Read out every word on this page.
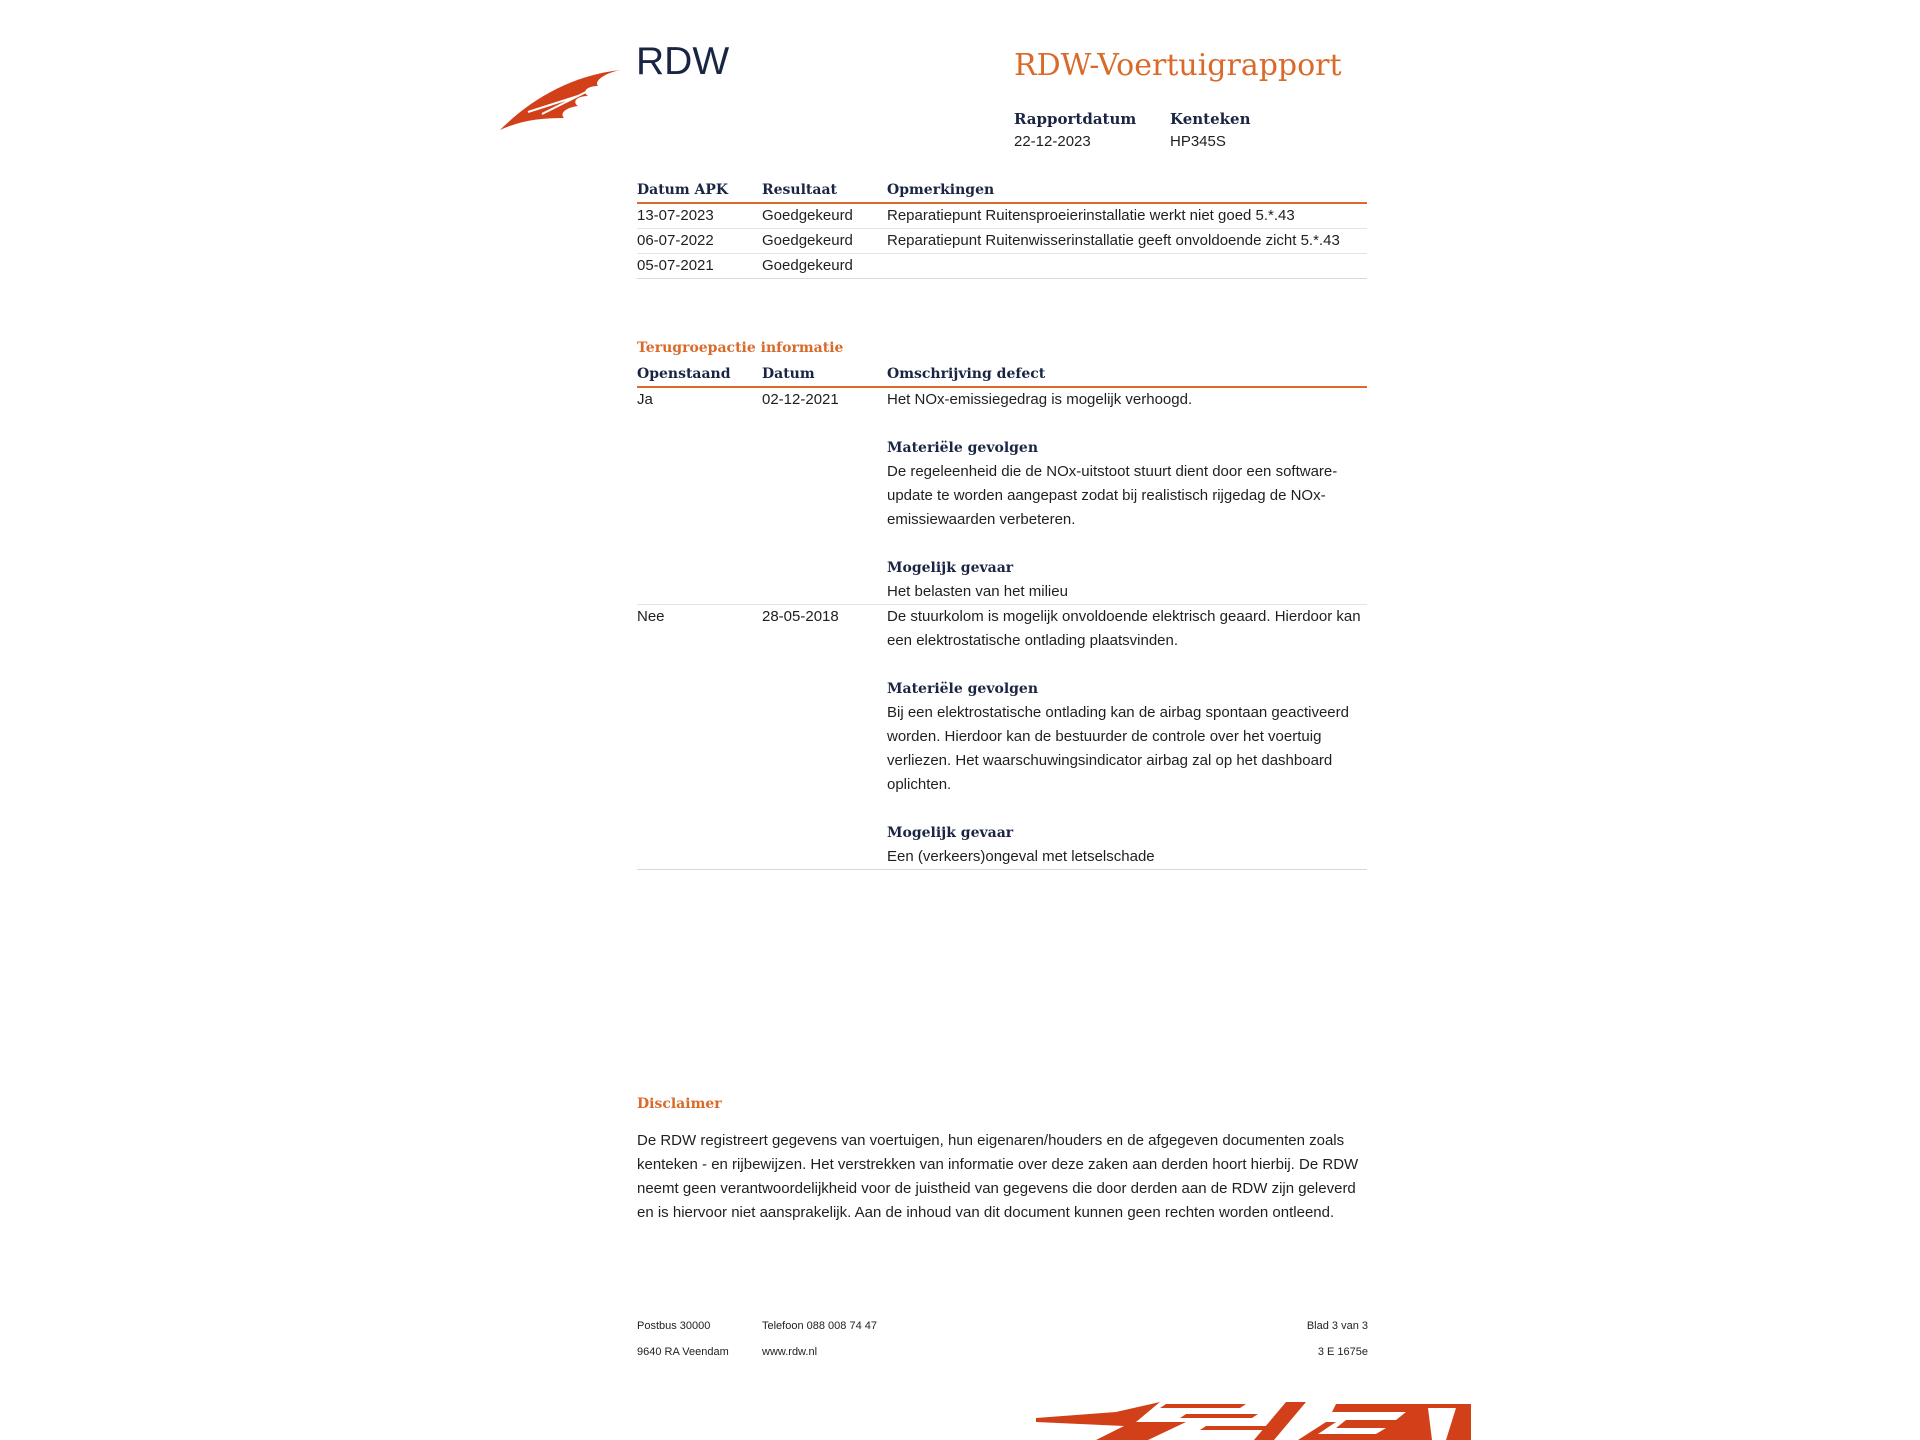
RDW	RDW-Voertuigrapport
Rapportdatum
22-12-2023
Kenteken
HP345S
Datum APK	Resultaat	Opmerkingen
13-07-2023	Goedgekeurd	Reparatiepunt Ruitensproeierinstallatie werkt niet goed 5.*.43
06-07-2022	Goedgekeurd	Reparatiepunt Ruitenwisserinstallatie geeft onvoldoende zicht 5.*.43
05-07-2021	Goedgekeurd	
Terugroepactie informatie
Openstaand	Datum	Omschrijving defect
Ja	02-12-2021	Het NOx-emissiegedrag is mogelijk verhoogd.
Materiële gevolgen
De regeleenheid die de NOx-uitstoot stuurt dient door een software-update te worden aangepast zodat bij realistisch rijgedag de NOx-emissiewaarden verbeteren.
Mogelijk gevaar
Het belasten van het milieu

Nee	28-05-2018	De stuurkolom is mogelijk onvoldoende elektrisch geaard. Hierdoor kan een elektrostatische ontlading plaatsvinden.
Materiële gevolgen
Bij een elektrostatische ontlading kan de airbag spontaan geactiveerd worden. Hierdoor kan de bestuurder de controle over het voertuig verliezen. Het waarschuwingsindicator airbag zal op het dashboard oplichten.
Mogelijk gevaar
Een (verkeers)ongeval met letselschade
Disclaimer
De RDW registreert gegevens van voertuigen, hun eigenaren/houders en de afgegeven documenten zoals kenteken - en rijbewijzen. Het verstrekken van informatie over deze zaken aan derden hoort hierbij. De RDW neemt geen verantwoordelijkheid voor de juistheid van gegevens die door derden aan de RDW zijn geleverd en is hiervoor niet aansprakelijk. Aan de inhoud van dit document kunnen geen rechten worden ontleend.
Postbus 30000
9640 RA Veendam
Telefoon 088 008 74 47
www.rdw.nl
Blad 3 van 3
3 E 1675e
